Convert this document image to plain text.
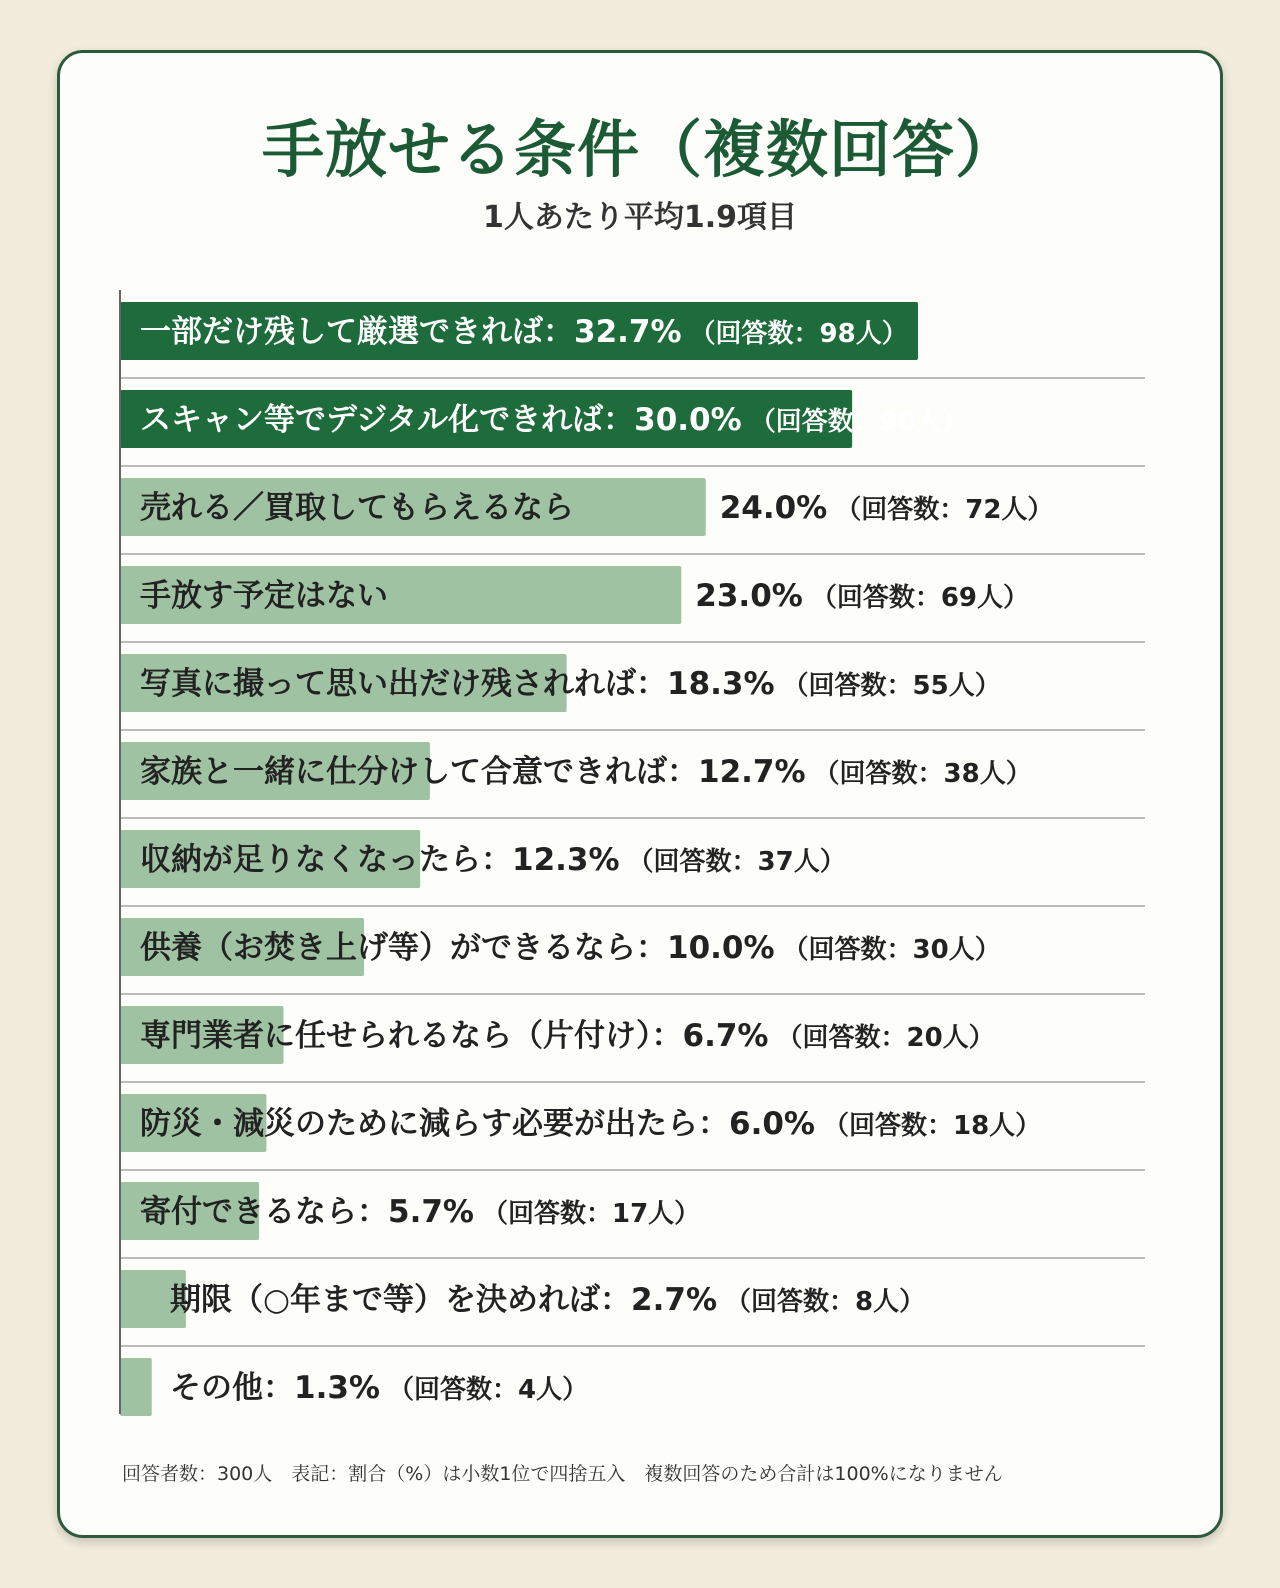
手放せる条件（複数回答）
1人あたり平均1.9項目
一部だけ残して厳選できれば：32.7% （回答数：98人）
スキャン等でデジタル化できれば：30.0% （回答数：90人）
売れる／買取してもらえるなら	24.0% （回答数：72人）
手放す予定はない	23.0% （回答数：69人）
写真に撮って思い出だけ残されれば：18.3% （回答数：55人）
家族と一緒に仕分けして合意できれば：12.7% （回答数：38人）
収納が足りなくなったら：12.3% （回答数：37人）
供養（お焚き上げ等）ができるなら：10.0% （回答数：30人）
専門業者に任せられるなら（片付け）：6.7% （回答数：20人）
防災・減災のために減らす必要が出たら：6.0% （回答数：18人）
寄付できるなら：5.7% （回答数：17人）
期限（○年まで等）を決めれば：2.7% （回答数：8人）
その他：1.3% （回答数：4人）
回答者数：300人　表記：割合（%）は小数1位で四捨五入　複数回答のため合計は100%になりません
